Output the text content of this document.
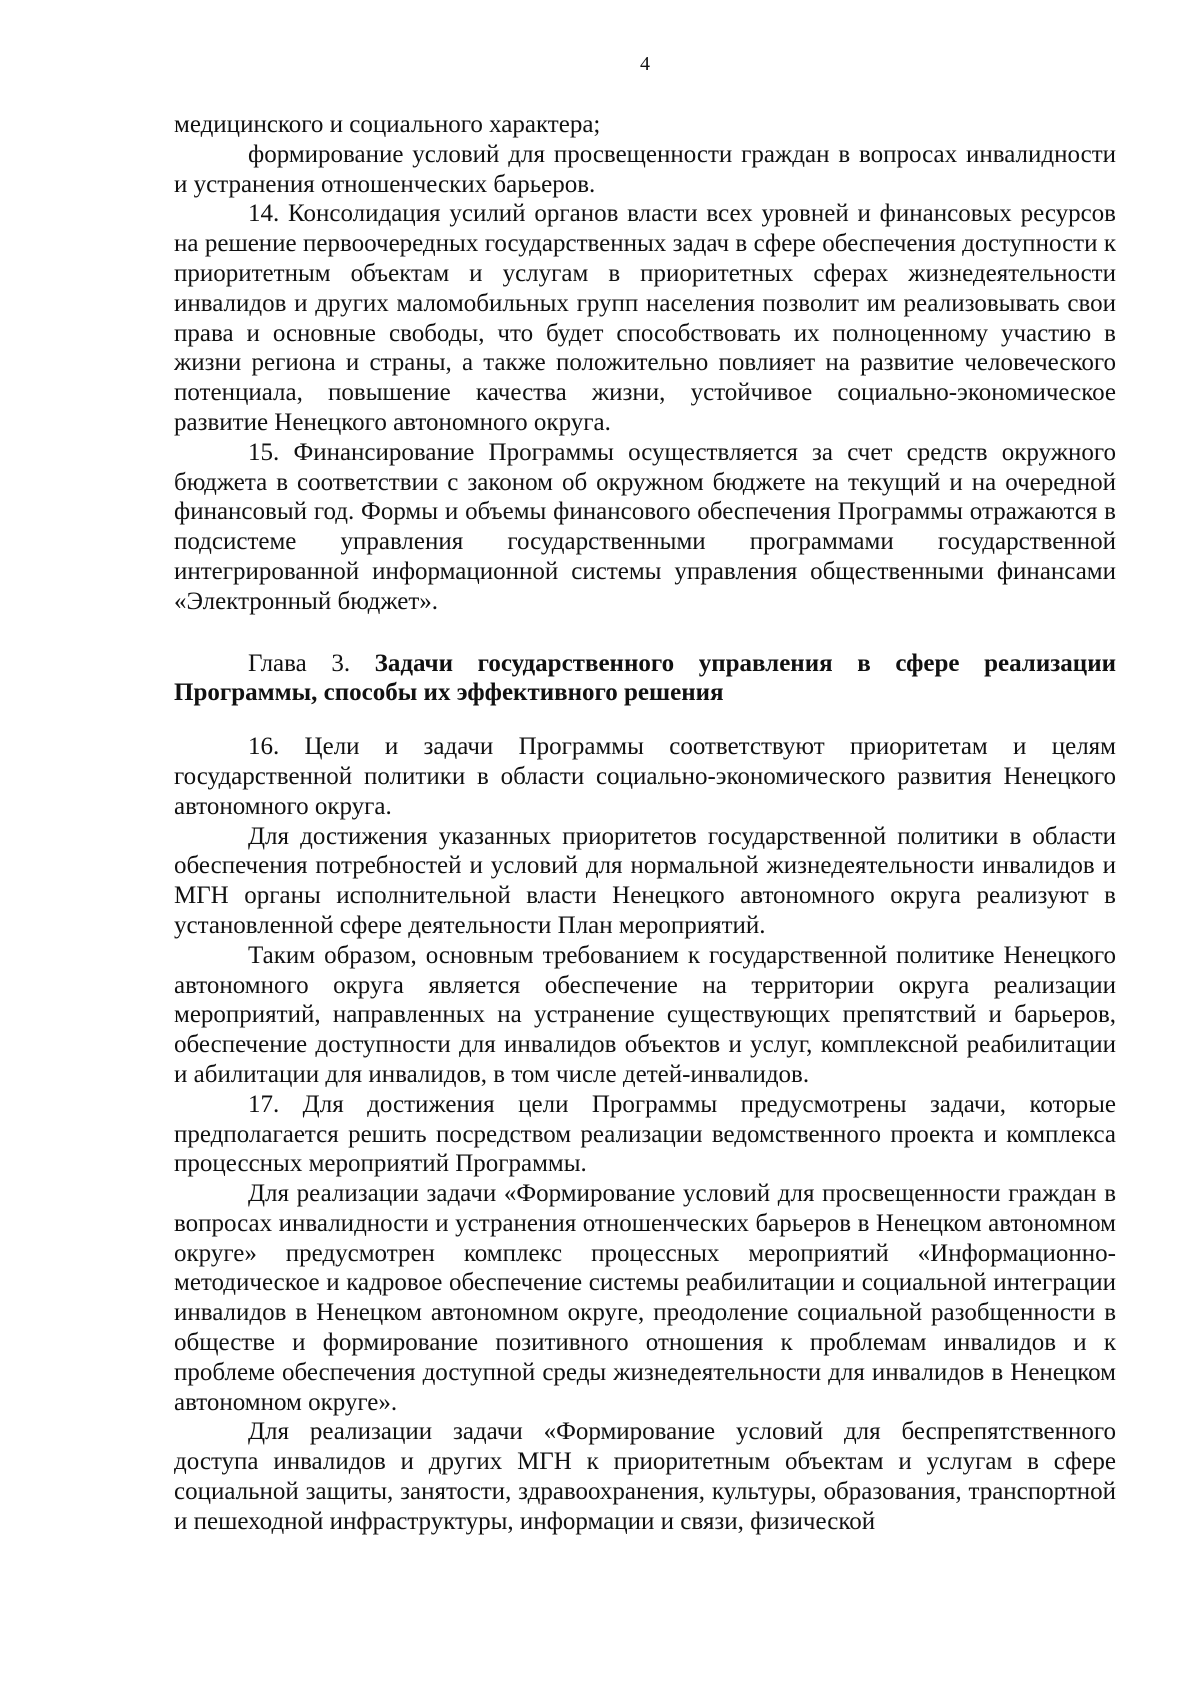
4

медицинского и социального характера;

формирование условий для просвещенности граждан в вопросах инвалидности и устранения отношенческих барьеров.

14. Консолидация усилий органов власти всех уровней и финансовых ресурсов на решение первоочередных государственных задач в сфере обеспечения доступности к приоритетным объектам и услугам в приоритетных сферах жизнедеятельности инвалидов и других маломобильных групп населения позволит им реализовывать свои права и основные свободы, что будет способствовать их полноценному участию в жизни региона и страны, а также положительно повлияет на развитие человеческого потенциала, повышение качества жизни, устойчивое социально-экономическое развитие Ненецкого автономного округа.

15. Финансирование Программы осуществляется за счет средств окружного бюджета в соответствии с законом об окружном бюджете на текущий и на очередной финансовый год. Формы и объемы финансового обеспечения Программы отражаются в подсистеме управления государственными программами государственной интегрированной информационной системы управления общественными финансами «Электронный бюджет».

Глава 3. Задачи государственного управления в сфере реализации Программы, способы их эффективного решения

16. Цели и задачи Программы соответствуют приоритетам и целям государственной политики в области социально-экономического развития Ненецкого автономного округа.

Для достижения указанных приоритетов государственной политики в области обеспечения потребностей и условий для нормальной жизнедеятельности инвалидов и МГН органы исполнительной власти Ненецкого автономного округа реализуют в установленной сфере деятельности План мероприятий.

Таким образом, основным требованием к государственной политике Ненецкого автономного округа является обеспечение на территории округа реализации мероприятий, направленных на устранение существующих препятствий и барьеров, обеспечение доступности для инвалидов объектов и услуг, комплексной реабилитации и абилитации для инвалидов, в том числе детей-инвалидов.

17. Для достижения цели Программы предусмотрены задачи, которые предполагается решить посредством реализации ведомственного проекта и комплекса процессных мероприятий Программы.

Для реализации задачи «Формирование условий для просвещенности граждан в вопросах инвалидности и устранения отношенческих барьеров в Ненецком автономном округе» предусмотрен комплекс процессных мероприятий «Информационно-методическое и кадровое обеспечение системы реабилитации и социальной интеграции инвалидов в Ненецком автономном округе, преодоление социальной разобщенности в обществе и формирование позитивного отношения к проблемам инвалидов и к проблеме обеспечения доступной среды жизнедеятельности для инвалидов в Ненецком автономном округе».

Для реализации задачи «Формирование условий для беспрепятственного доступа инвалидов и других МГН к приоритетным объектам и услугам в сфере социальной защиты, занятости, здравоохранения, культуры, образования, транспортной и пешеходной инфраструктуры, информации и связи, физической
